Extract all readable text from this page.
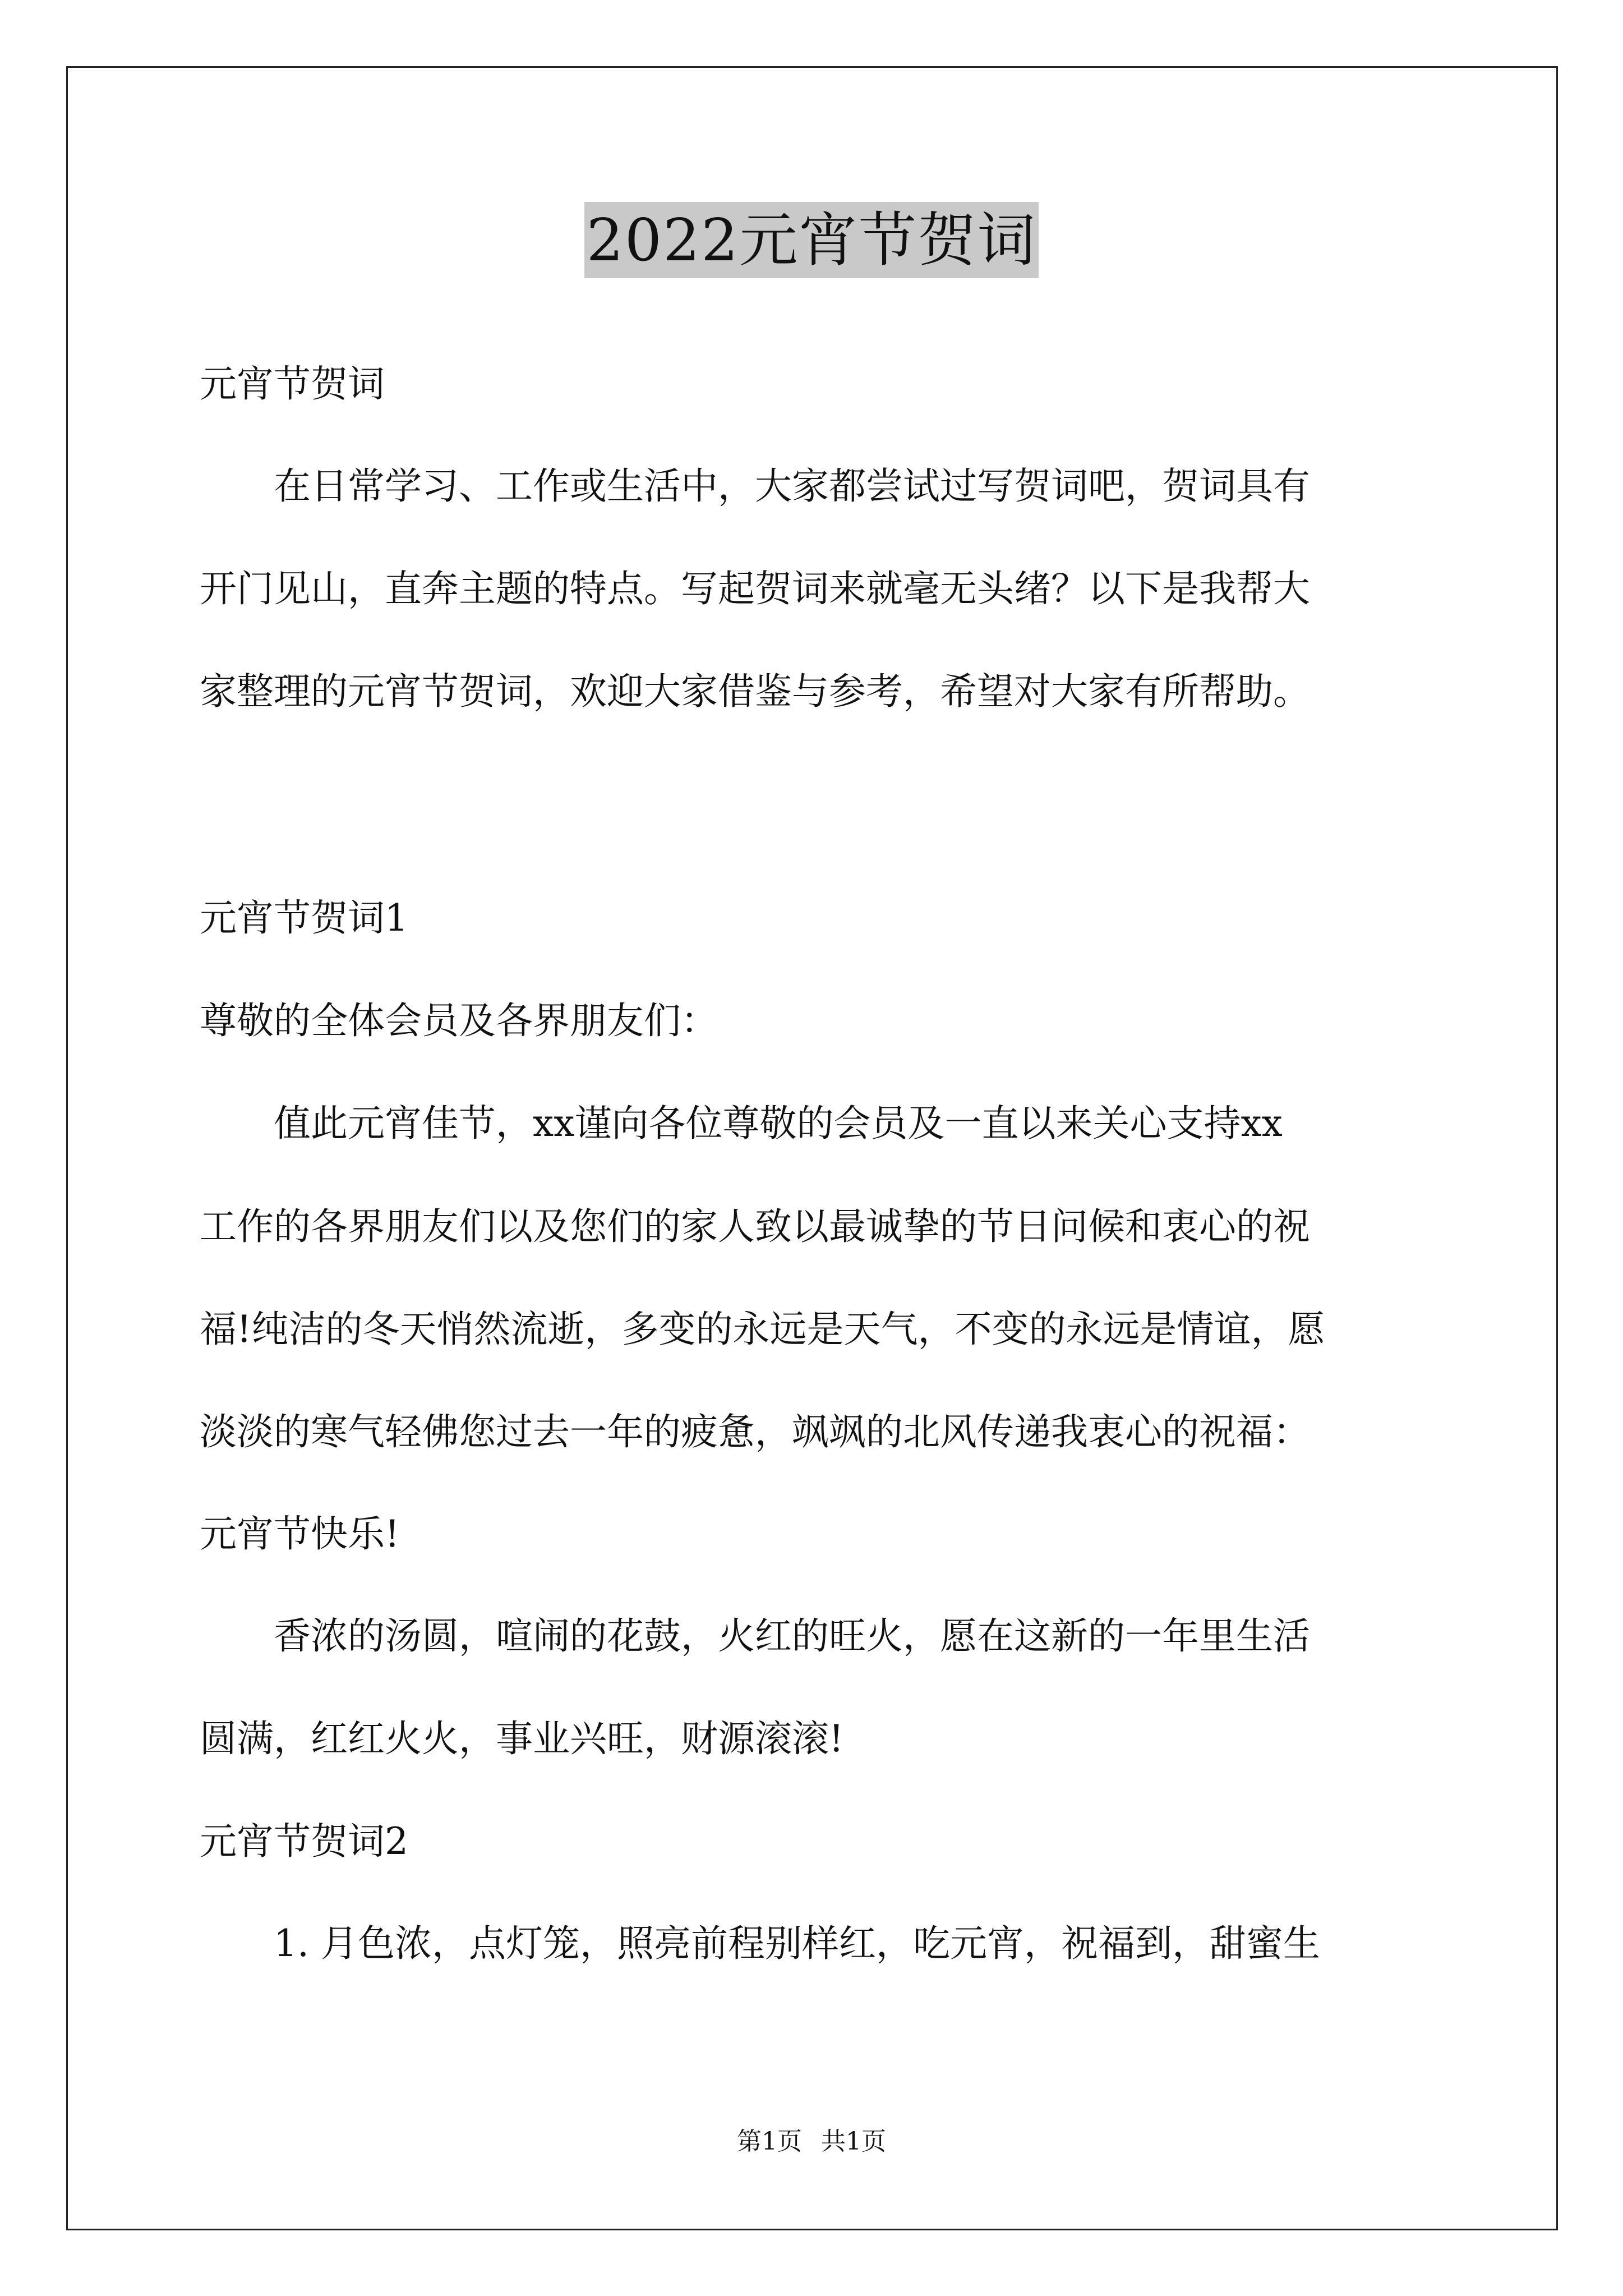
2022元宵节贺词
元宵节贺词
　　在日常学习、工作或生活中，大家都尝试过写贺词吧，贺词具有
开门见山，直奔主题的特点。写起贺词来就毫无头绪？以下是我帮大
家整理的元宵节贺词，欢迎大家借鉴与参考，希望对大家有所帮助。
元宵节贺词1
尊敬的全体会员及各界朋友们：
　　值此元宵佳节，xx谨向各位尊敬的会员及一直以来关心支持xx
工作的各界朋友们以及您们的家人致以最诚挚的节日问候和衷心的祝
福!纯洁的冬天悄然流逝，多变的永远是天气，不变的永远是情谊，愿
淡淡的寒气轻佛您过去一年的疲惫，飒飒的北风传递我衷心的祝福：
元宵节快乐!
　　香浓的汤圆，喧闹的花鼓，火红的旺火，愿在这新的一年里生活
圆满，红红火火，事业兴旺，财源滚滚!
元宵节贺词2
　　1. 月色浓，点灯笼，照亮前程别样红，吃元宵，祝福到，甜蜜生
第1页 共1页
